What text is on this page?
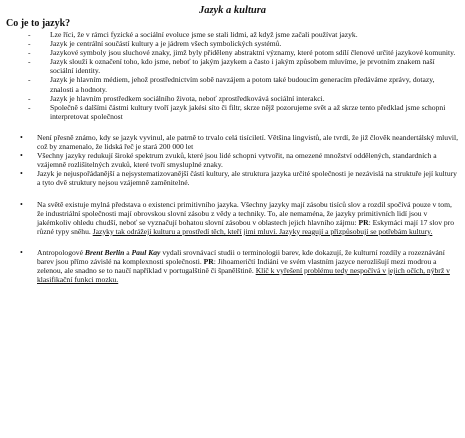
Jazyk a kultura
Co je to jazyk?
- Lze říci, že v rámci fyzické a sociální evoluce jsme se stali lidmi, až když jsme začali používat jazyk.
- Jazyk je centrální součástí kultury a je jádrem všech symbolických systémů.
- Jazykové symboly jsou sluchové znaky, jimž byly přiděleny abstraktní významy, které potom sdílí členové určité jazykové komunity.
- Jazyk slouží k označení toho, kdo jsme, neboť to jakým jazykem a často i jakým způsobem mluvíme, je prvotním znakem naší sociální identity.
- Jazyk je hlavním médiem, jehož prostřednictvím sobě navzájem a potom také budoucím generacím předáváme zprávy, dotazy, znalosti a hodnoty.
- Jazyk je hlavním prostředkem sociálního života, neboť zprostředkovává sociální interakci.
- Společně s dalšími částmi kultury tvoří jazyk jakési síto či filtr, skrze nějž pozorujeme svět a až skrze tento předklad jsme schopni interpretovat společnost
• Není přesně známo, kdy se jazyk vyvinul, ale patrně to trvalo celá tisíciletí. Většina lingvistů, ale tvrdí, že již člověk neandertálský mluvil, což by znamenalo, že lidská řeč je stará 200 000 let
• Všechny jazyky redukují široké spektrum zvuků, které jsou lidé schopni vytvořit, na omezené množství oddělených, standardních a vzájemně rozlišitelných zvuků, které tvoří smysluplné znaky.
• Jazyk je nejuspořádanější a nejsystematizovanější částí kultury, ale struktura jazyka určité společnosti je nezávislá na struktuře její kultury a tyto dvě struktury nejsou vzájemně zaměnitelné.
• Na světě existuje mylná představa o existenci primitivního jazyka. Všechny jazyky mají zásobu tisíců slov a rozdíl spočívá pouze v tom, že industriální společnosti mají obrovskou slovní zásobu z vědy a techniky. To, ale nemaména, že jazyky primitivních lidí jsou v jakémkoliv ohledu chudší, neboť se vyznačují bohatou slovní zásobou v oblastech jejich hlavního zájmu: PR: Eskymáci mají 17 slov pro různé typy sněhu. Jazyky tak odrážejí kulturu a prostředí těch, kteří jimi mluví. Jazyky reagují a přizpůsobují se potřebám kultury.
• Antropologové Brent Berlin a Paul Kay vydali srovnávací studii o terminologii barev, kde dokazují, že kulturní rozdíly a rozeznávání barev jsou přímo závislé na komplexnosti společnosti. PR: Jihoameričtí Indiáni ve svém vlastním jazyce nerozlišují mezi modrou a zelenou, ale snadno se to naučí například v portugalštině či španělštině. Klíč k vyřešení problému tedy nespočívá v jejich očích, nýbrž v klasifikační funkci mozku.
